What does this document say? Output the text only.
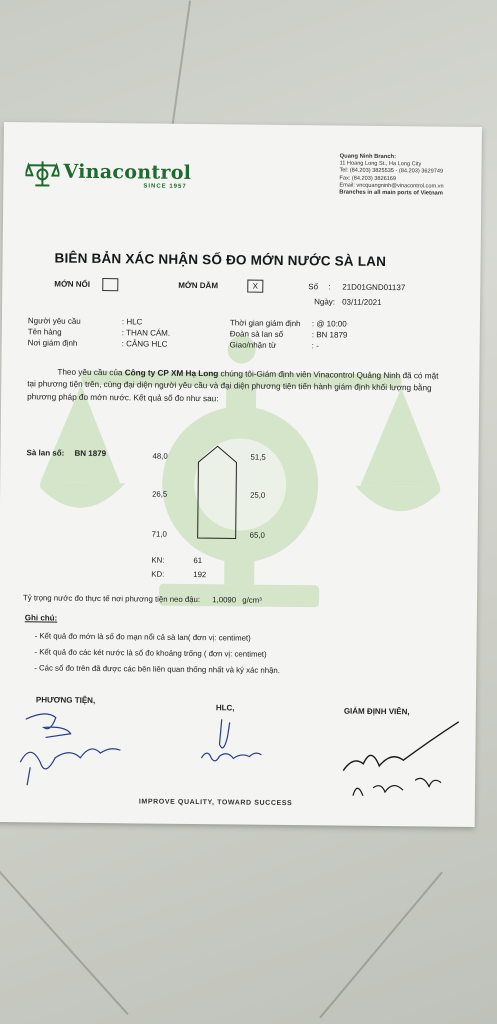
Vinacontrol
SINCE 1957
Quang Ninh Branch:
11 Hoang Long St., Ha Long City
Tel: (84.203) 3825535 - (84.203) 3629749
Fax: (84.203) 3826169
Email: vncquangninh@vinacontrol.com.vn
Branches in all main ports of Vietnam
BIÊN BẢN XÁC NHẬN SỐ ĐO MỚN NƯỚC SÀ LAN
MỚN NỔI	MỚN DẰM	X	Số : 21D01GND01137
Ngày: 03/11/2021
Người yêu cầu	: HLC
Tên hàng	: THAN CÁM.
Nơi giám định	: CẢNG HLC
Thời gian giám định : @ 10:00
Đoàn sà lan số	: BN 1879
Giao/nhận từ	: -
Theo yêu cầu của Công ty CP XM Hạ Long chúng tôi-Giám định viên Vinacontrol Quảng Ninh đã có mặt tại phương tiện trên, cùng đại diện người yêu cầu và đại diện phương tiện tiến hành giám định khối lượng bằng phương pháp đo mớn nước. Kết quả số đo như sau:
Sà lan số: BN 1879	48,0
26,5
71,0
51,5
25,0
65,0
KN:	61
KD:	192
Tỷ trọng nước đo thực tế nơi phương tiện neo đậu: 1,0090 g/cm³
Ghi chú:
- Kết quả đo mớn là số đo mạn nổi cả sà lan( đơn vị: centimet)
- Kết quả đo các két nước là số đo khoảng trống ( đơn vị: centimet)
- Các số đo trên đã được các bên liên quan thống nhất và ký xác nhận.
PHƯƠNG TIỆN,
HLC,	GIÁM ĐỊNH VIÊN,
IMPROVE QUALITY, TOWARD SUCCESS
